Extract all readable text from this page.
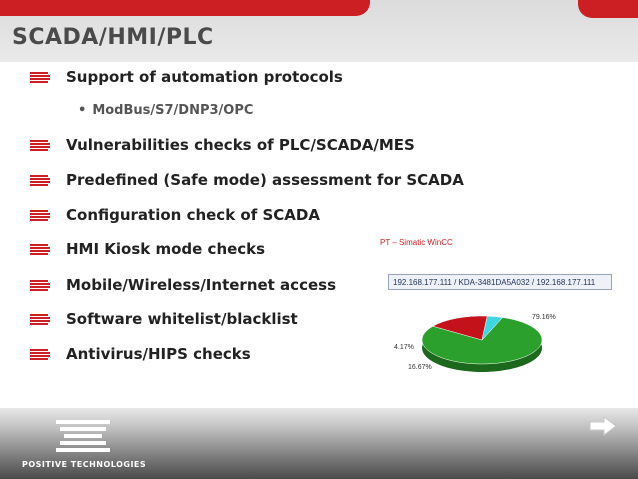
SCADA/HMI/PLC
Support of automation protocols
Vulnerabilities checks of PLC/SCADA/MES
Predefined (Safe mode) assessment for SCADA
Configuration check of SCADA
HMI Kiosk mode checks
Mobile/Wireless/Internet access
Software whitelist/blacklist
Antivirus/HIPS checks
• ModBus/S7/DNP3/OPC
PT – Simatic WinCC
192.168.177.111 / KDA-3481DA5A032 / 192.168.177.111
79.16%
16.67%
4.17%
POSITIVE TECHNOLOGIES
